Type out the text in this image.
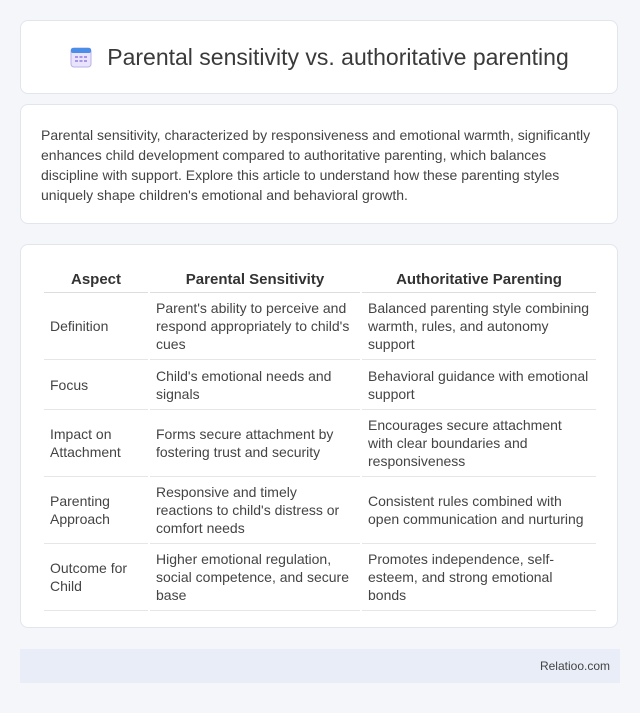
Parental sensitivity vs. authoritative parenting

Parental sensitivity, characterized by responsiveness and emotional warmth, significantly enhances child development compared to authoritative parenting, which balances discipline with support. Explore this article to understand how these parenting styles uniquely shape children's emotional and behavioral growth.

Aspect	Parental Sensitivity	Authoritative Parenting
Definition	Parent's ability to perceive and respond appropriately to child's cues	Balanced parenting style combining warmth, rules, and autonomy support
Focus	Child's emotional needs and signals	Behavioral guidance with emotional support
Impact on Attachment	Forms secure attachment by fostering trust and security	Encourages secure attachment with clear boundaries and responsiveness
Parenting Approach	Responsive and timely reactions to child's distress or comfort needs	Consistent rules combined with open communication and nurturing
Outcome for Child	Higher emotional regulation, social competence, and secure base	Promotes independence, self-esteem, and strong emotional bonds
Relatioo.com
